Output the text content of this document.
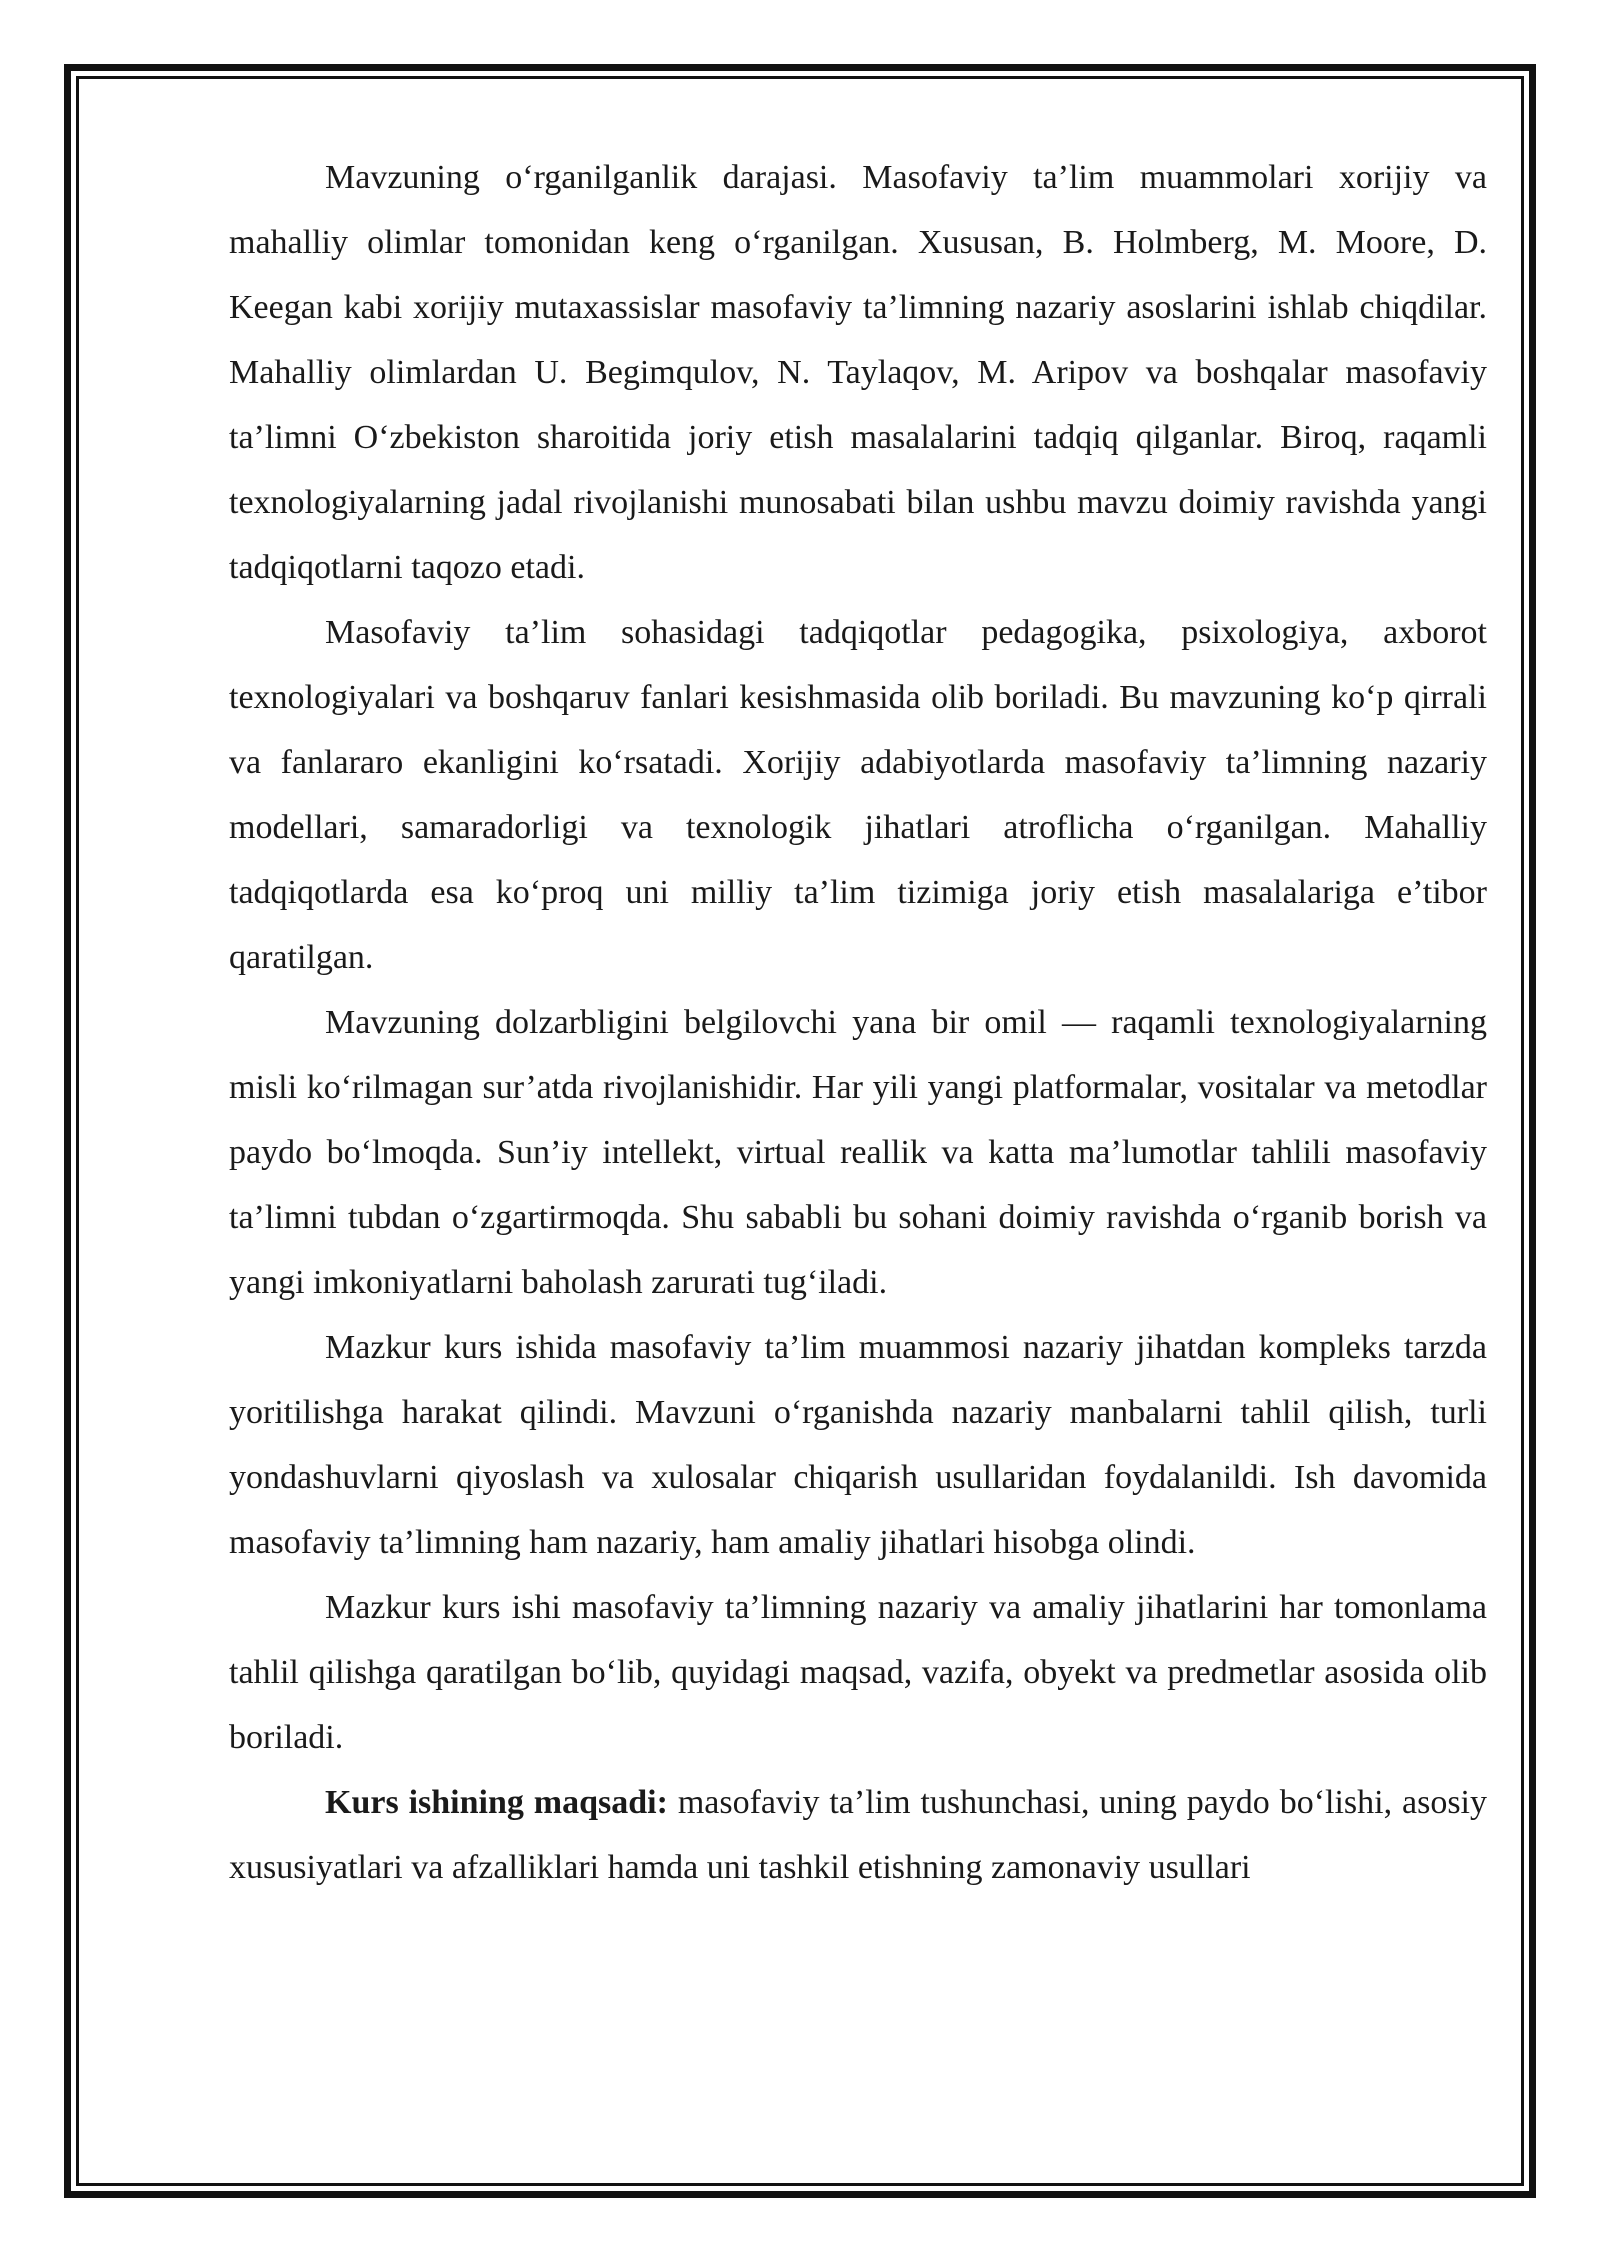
Mavzuning o‘rganilganlik darajasi. Masofaviy ta’lim muammolari xorijiy va mahalliy olimlar tomonidan keng o‘rganilgan. Xususan, B. Holmberg, M. Moore, D. Keegan kabi xorijiy mutaxassislar masofaviy ta’limning nazariy asoslarini ishlab chiqdilar. Mahalliy olimlardan U. Begimqulov, N. Taylaqov, M. Aripov va boshqalar masofaviy ta’limni O‘zbekiston sharoitida joriy etish masalalarini tadqiq qilganlar. Biroq, raqamli texnologiyalarning jadal rivojlanishi munosabati bilan ushbu mavzu doimiy ravishda yangi tadqiqotlarni taqozo etadi.

Masofaviy ta’lim sohasidagi tadqiqotlar pedagogika, psixologiya, axborot texnologiyalari va boshqaruv fanlari kesishmasida olib boriladi. Bu mavzuning ko‘p qirrali va fanlararo ekanligini ko‘rsatadi. Xorijiy adabiyotlarda masofaviy ta’limning nazariy modellari, samaradorligi va texnologik jihatlari atroflicha o‘rganilgan. Mahalliy tadqiqotlarda esa ko‘proq uni milliy ta’lim tizimiga joriy etish masalalariga e’tibor qaratilgan.

Mavzuning dolzarbligini belgilovchi yana bir omil — raqamli texnologiyalarning misli ko‘rilmagan sur’atda rivojlanishidir. Har yili yangi platformalar, vositalar va metodlar paydo bo‘lmoqda. Sun’iy intellekt, virtual reallik va katta ma’lumotlar tahlili masofaviy ta’limni tubdan o‘zgartirmoqda. Shu sababli bu sohani doimiy ravishda o‘rganib borish va yangi imkoniyatlarni baholash zarurati tug‘iladi.

Mazkur kurs ishida masofaviy ta’lim muammosi nazariy jihatdan kompleks tarzda yoritilishga harakat qilindi. Mavzuni o‘rganishda nazariy manbalarni tahlil qilish, turli yondashuvlarni qiyoslash va xulosalar chiqarish usullaridan foydalanildi. Ish davomida masofaviy ta’limning ham nazariy, ham amaliy jihatlari hisobga olindi.

Mazkur kurs ishi masofaviy ta’limning nazariy va amaliy jihatlarini har tomonlama tahlil qilishga qaratilgan bo‘lib, quyidagi maqsad, vazifa, obyekt va predmetlar asosida olib boriladi.

Kurs ishining maqsadi: masofaviy ta’lim tushunchasi, uning paydo bo‘lishi, asosiy xususiyatlari va afzalliklari hamda uni tashkil etishning zamonaviy usullari
